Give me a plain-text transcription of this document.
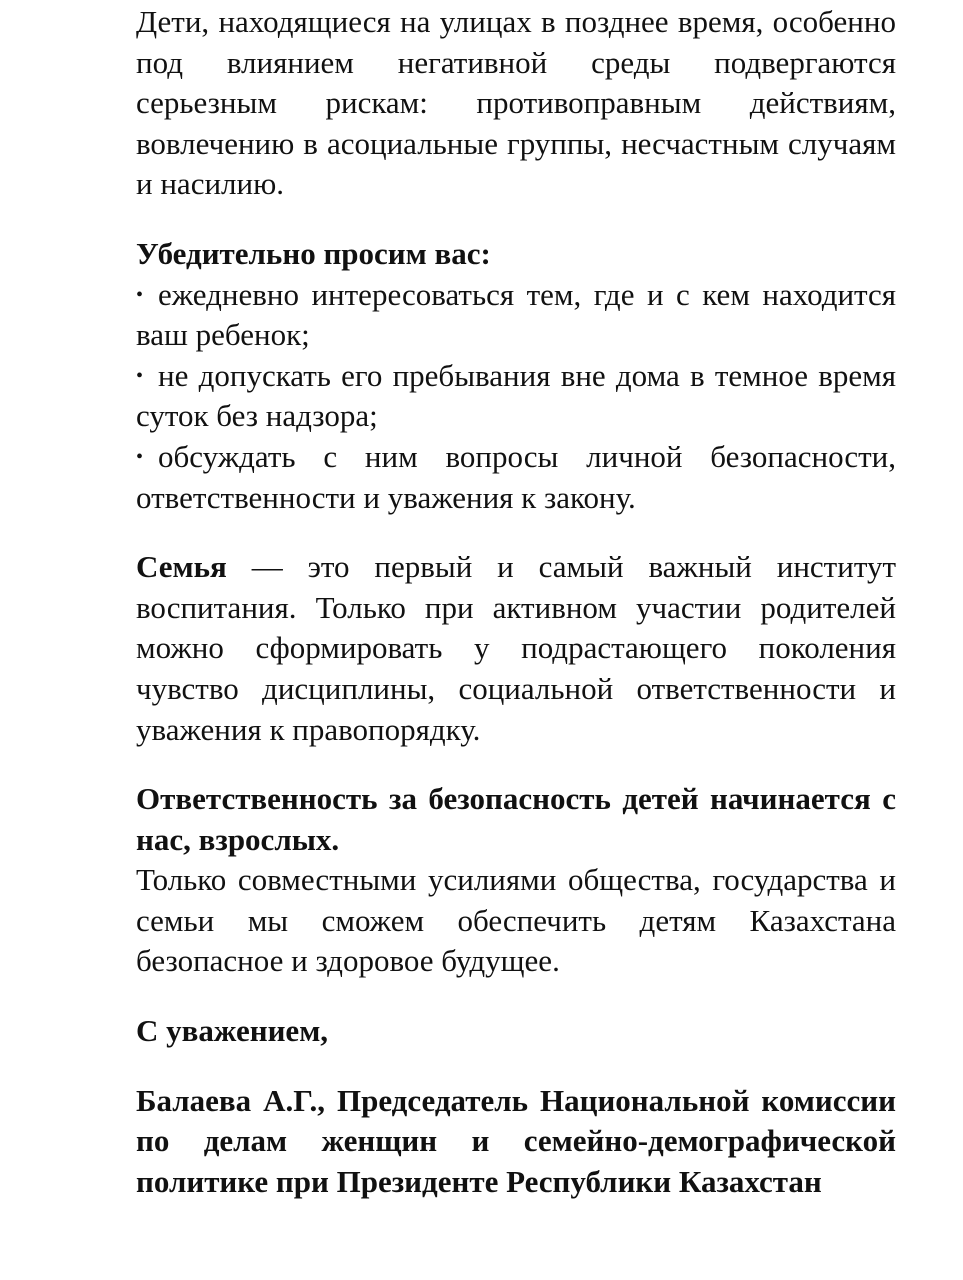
Дети, находящиеся на улицах в позднее время, особенно под влиянием негативной среды подвергаются серьезным рискам: противоправным действиям, вовлечению в асоциальные группы, несчастным случаям и насилию.

Убедительно просим вас:

• ежедневно интересоваться тем, где и с кем находится ваш ребенок;

• не допускать его пребывания вне дома в темное время суток без надзора;

• обсуждать с ним вопросы личной безопасности, ответственности и уважения к закону.

Семья — это первый и самый важный институт воспитания. Только при активном участии родителей можно сформировать у подрастающего поколения чувство дисциплины, социальной ответственности и уважения к правопорядку.

Ответственность за безопасность детей начинается с нас, взрослых.

Только совместными усилиями общества, государства и семьи мы сможем обеспечить детям Казахстана безопасное и здоровое будущее.

С уважением,

Балаева А.Г., Председатель Национальной комиссии по делам женщин и семейно-демографической политике при Президенте Республики Казахстан
